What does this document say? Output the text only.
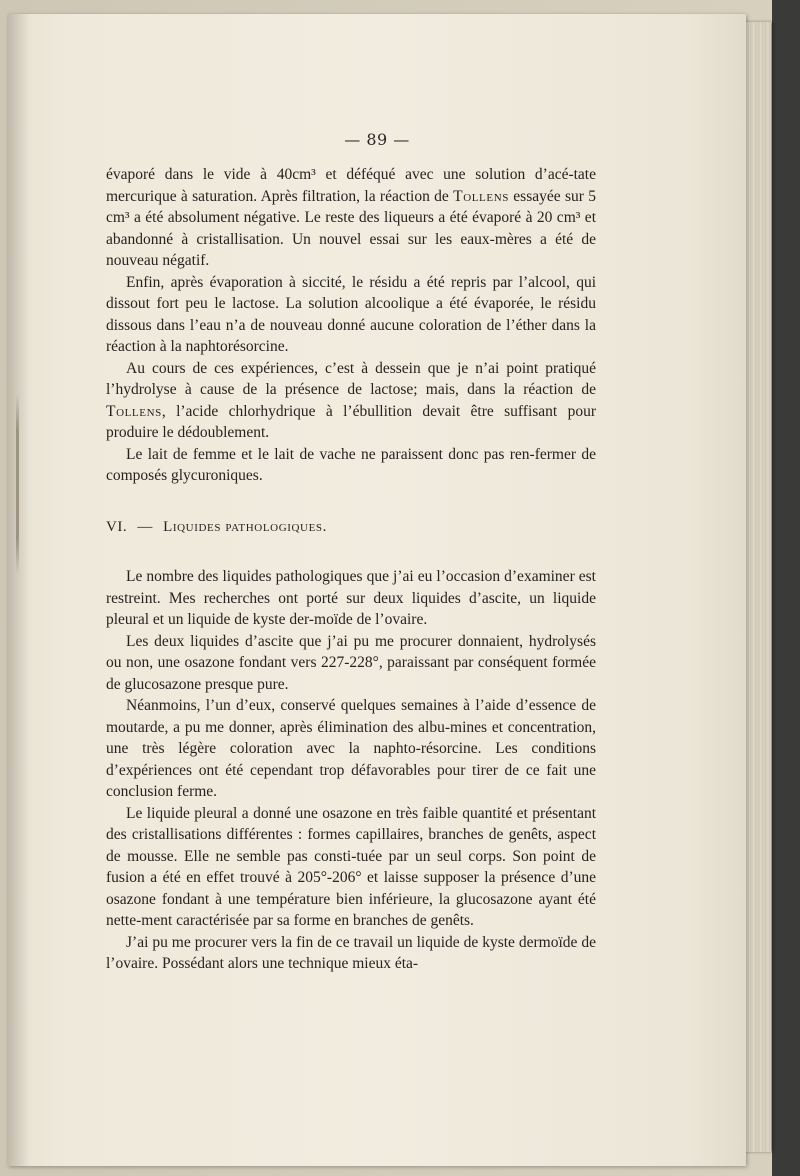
— 89 —

évaporé dans le vide à 40cm³ et déféqué avec une solution d’acé-tate mercurique à saturation. Après filtration, la réaction de Tollens essayée sur 5 cm³ a été absolument négative. Le reste des liqueurs a été évaporé à 20 cm³ et abandonné à cristallisation. Un nouvel essai sur les eaux-mères a été de nouveau négatif.

Enfin, après évaporation à siccité, le résidu a été repris par l’alcool, qui dissout fort peu le lactose. La solution alcoolique a été évaporée, le résidu dissous dans l’eau n’a de nouveau donné aucune coloration de l’éther dans la réaction à la naphtorésorcine.

Au cours de ces expériences, c’est à dessein que je n’ai point pratiqué l’hydrolyse à cause de la présence de lactose; mais, dans la réaction de Tollens, l’acide chlorhydrique à l’ébullition devait être suffisant pour produire le dédoublement.

Le lait de femme et le lait de vache ne paraissent donc pas ren-fermer de composés glycuroniques.

VI. — Liquides pathologiques.

Le nombre des liquides pathologiques que j’ai eu l’occasion d’examiner est restreint. Mes recherches ont porté sur deux liquides d’ascite, un liquide pleural et un liquide de kyste der-moïde de l’ovaire.

Les deux liquides d’ascite que j’ai pu me procurer donnaient, hydrolysés ou non, une osazone fondant vers 227-228°, paraissant par conséquent formée de glucosazone presque pure.

Néanmoins, l’un d’eux, conservé quelques semaines à l’aide d’essence de moutarde, a pu me donner, après élimination des albu-mines et concentration, une très légère coloration avec la naphto-résorcine. Les conditions d’expériences ont été cependant trop défavorables pour tirer de ce fait une conclusion ferme.

Le liquide pleural a donné une osazone en très faible quantité et présentant des cristallisations différentes : formes capillaires, branches de genêts, aspect de mousse. Elle ne semble pas consti-tuée par un seul corps. Son point de fusion a été en effet trouvé à 205°-206° et laisse supposer la présence d’une osazone fondant à une température bien inférieure, la glucosazone ayant été nette-ment caractérisée par sa forme en branches de genêts.

J’ai pu me procurer vers la fin de ce travail un liquide de kyste dermoïde de l’ovaire. Possédant alors une technique mieux éta-
